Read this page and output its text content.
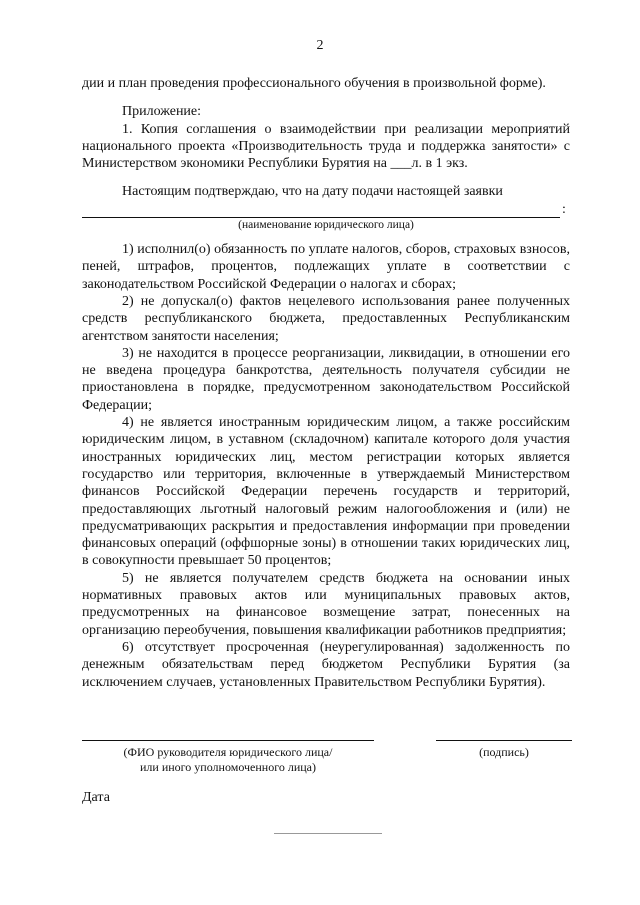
2

дии и план проведения профессионального обучения в произвольной форме).

Приложение:

1. Копия соглашения о взаимодействии при реализации мероприятий национального проекта «Производительность труда и поддержка занятости» с Министерством экономики Республики Бурятия на ___л. в 1 экз.

Настоящим подтверждаю, что на дату подачи настоящей заявки

:
(наименование юридического лица)

1) исполнил(о) обязанность по уплате налогов, сборов, страховых взносов, пеней, штрафов, процентов, подлежащих уплате в соответствии с законодательством Российской Федерации о налогах и сборах;

2) не допускал(о) фактов нецелевого использования ранее полученных средств республиканского бюджета, предоставленных Республиканским агентством занятости населения;

3) не находится в процессе реорганизации, ликвидации, в отношении его не введена процедура банкротства, деятельность получателя субсидии не приостановлена в порядке, предусмотренном законодательством Российской Федерации;

4) не является иностранным юридическим лицом, а также российским юридическим лицом, в уставном (складочном) капитале которого доля участия иностранных юридических лиц, местом регистрации которых является государство или территория, включенные в утверждаемый Министерством финансов Российской Федерации перечень государств и территорий, предоставляющих льготный налоговый режим налогообложения и (или) не предусматривающих раскрытия и предоставления информации при проведении финансовых операций (оффшорные зоны) в отношении таких юридических лиц, в совокупности превышает 50 процентов;

5) не является получателем средств бюджета на основании иных нормативных правовых актов или муниципальных правовых актов, предусмотренных на финансовое возмещение затрат, понесенных на организацию переобучения, повышения квалификации работников предприятия;

6) отсутствует просроченная (неурегулированная) задолженность по денежным обязательствам перед бюджетом Республики Бурятия (за исключением случаев, установленных Правительством Республики Бурятия).

(ФИО руководителя юридического лица/
или иного уполномоченного лица)
(подпись)
Дата
